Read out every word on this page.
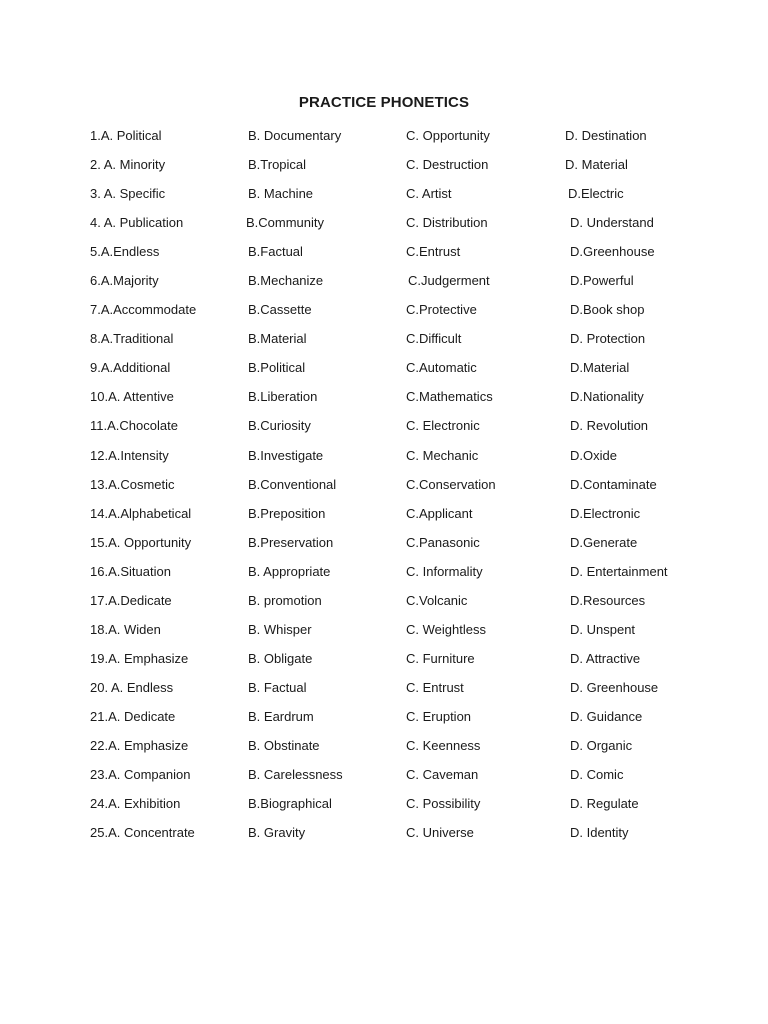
PRACTICE PHONETICS
1.A. Political	B. Documentary	C. Opportunity	D. Destination
2. A. Minority	B.Tropical	C. Destruction	D. Material
3. A. Specific	B. Machine	C. Artist	D.Electric
4. A. Publication	B.Community	C. Distribution	D. Understand
5.A.Endless	B.Factual	C.Entrust	D.Greenhouse
6.A.Majority	B.Mechanize	C.Judgerment	D.Powerful
7.A.Accommodate	B.Cassette	C.Protective	D.Book shop
8.A.Traditional	B.Material	C.Difficult	D. Protection
9.A.Additional	B.Political	C.Automatic	D.Material
10.A. Attentive	B.Liberation	C.Mathematics	D.Nationality
11.A.Chocolate	B.Curiosity	C. Electronic	D. Revolution
12.A.Intensity	B.Investigate	C. Mechanic	D.Oxide
13.A.Cosmetic	B.Conventional	C.Conservation	D.Contaminate
14.A.Alphabetical	B.Preposition	C.Applicant	D.Electronic
15.A. Opportunity	B.Preservation	C.Panasonic	D.Generate
16.A.Situation	B. Appropriate	C. Informality	D. Entertainment
17.A.Dedicate	B. promotion	C.Volcanic	D.Resources
18.A. Widen	B. Whisper	C. Weightless	D. Unspent
19.A. Emphasize	B. Obligate	C. Furniture	D. Attractive
20. A. Endless	B. Factual	C. Entrust	D. Greenhouse
21.A. Dedicate	B. Eardrum	C. Eruption	D. Guidance
22.A. Emphasize	B. Obstinate	C. Keenness	D. Organic
23.A. Companion	B. Carelessness	C. Caveman	D. Comic
24.A. Exhibition	B.Biographical	C. Possibility	D. Regulate
25.A. Concentrate	B. Gravity	C. Universe	D. Identity
